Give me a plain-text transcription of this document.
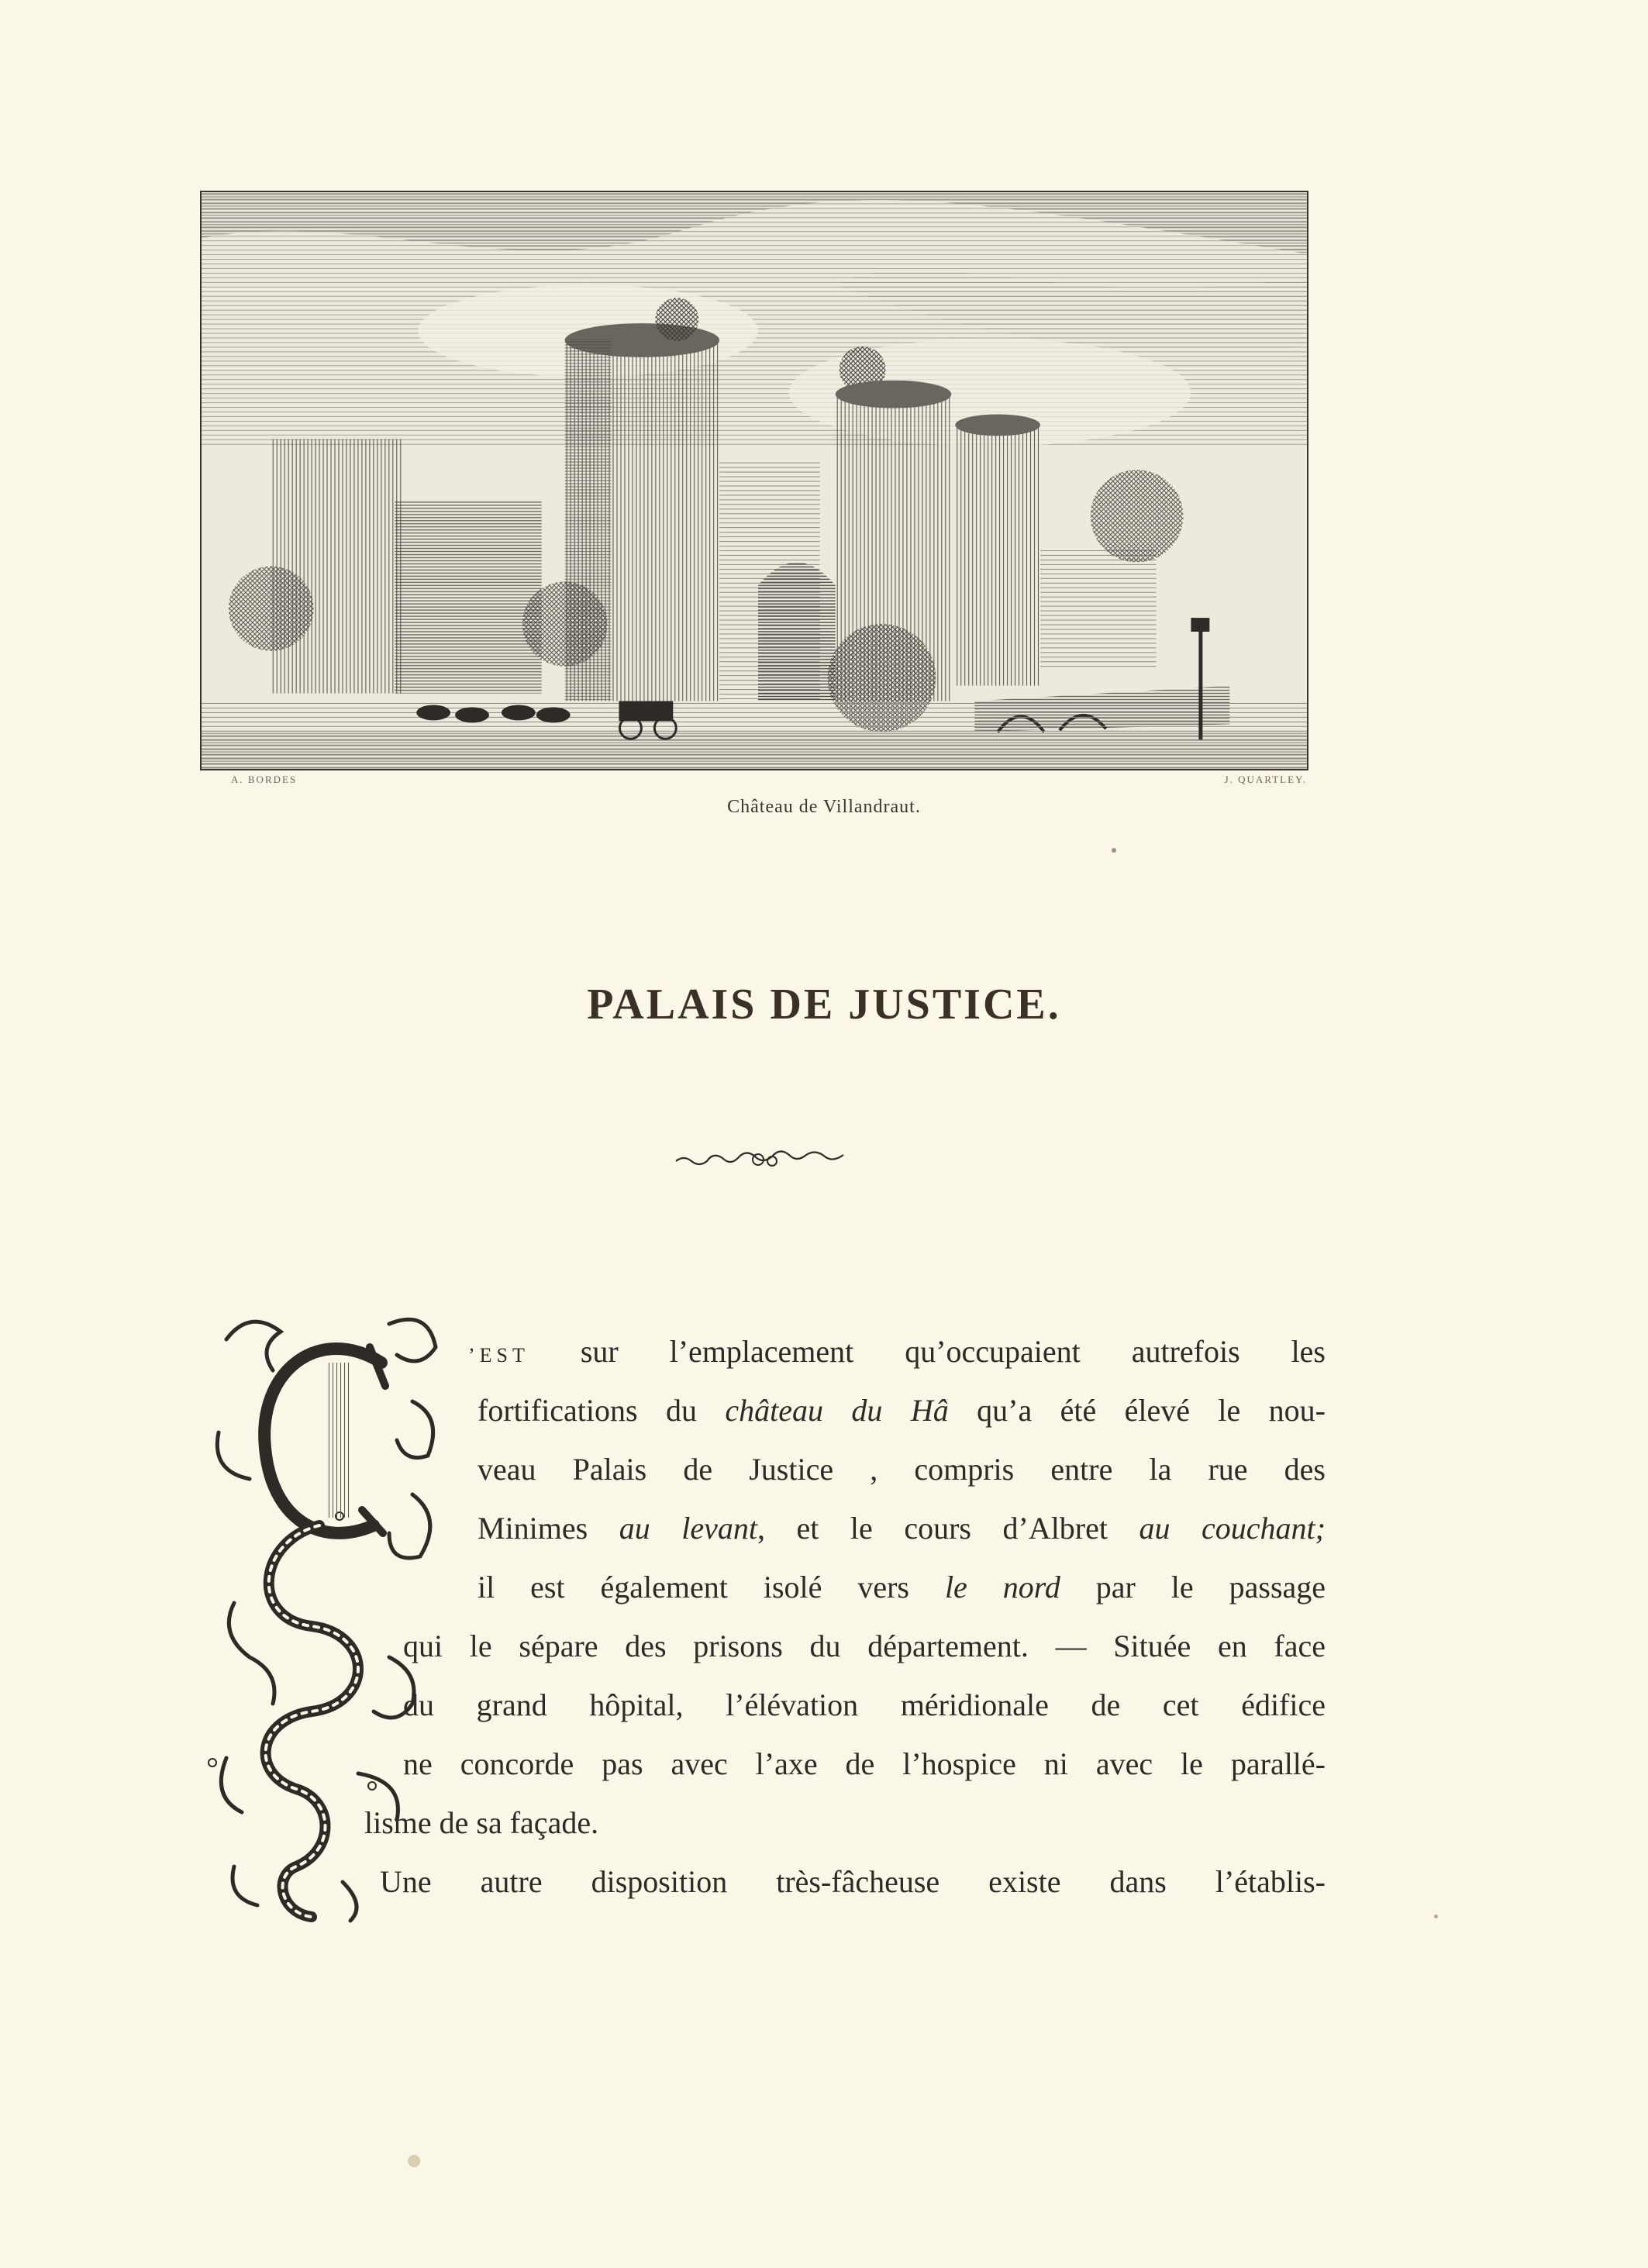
A. BORDES	J. QUARTLEY.
Château de Villandraut.
PALAIS DE JUSTICE.
’EST sur l’emplacement qu’occupaient autrefois les
fortifications du château du Hâ qu’a été élevé le nou-
veau Palais de Justice , compris entre la rue des
Minimes au levant, et le cours d’Albret au couchant;
il est également isolé vers le nord par le passage
qui le sépare des prisons du département. — Située en face
du grand hôpital, l’élévation méridionale de cet édifice
ne concorde pas avec l’axe de l’hospice ni avec le parallé-
lisme de sa façade.
Une autre disposition très-fâcheuse existe dans l’établis-
